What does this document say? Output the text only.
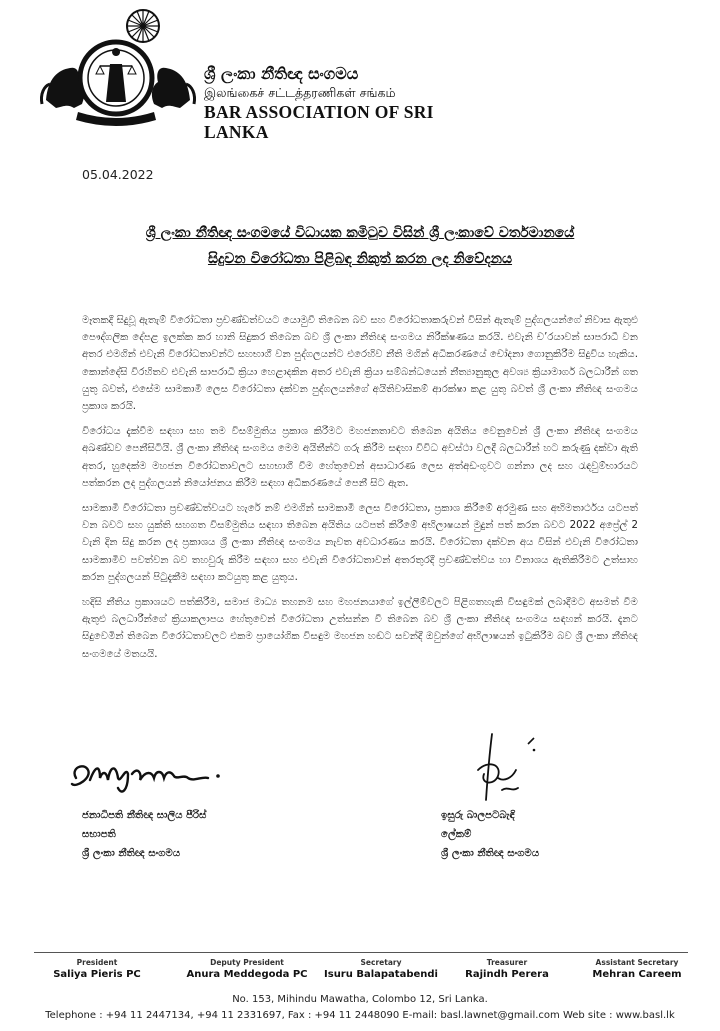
ශ්‍රී ලංකා නීතිඥ සංගමය
இலங்கைச் சட்டத்தரணிகள் சங்கம்
BAR ASSOCIATION OF SRI LANKA
05.04.2022
ශ්‍රී ලංකා නීතිඥ සංගමයේ විධායක කමිටුව විසින් ශ්‍රී ලංකාවේ වර්තමානයේ
සිදුවන විරෝධතා පිළිබඳ නිකුත් කරන ලද නිවේදනය

මෑතකදී සිදුවූ ඇතැම් විරෝධතා ප්‍රචණ්ඩත්වයට යොමුවී තිබෙන බව සහ විරෝධතාකරුවන් විසින් ඇතැම් පුද්ගලයන්ගේ නිවාස ඇතුළු පෞද්ගලික දේපළ ඉලක්ක කර හානි සිදුකර තිබෙන බව ශ්‍රී ලංකා නීතිඥ සංගමය නිරීක්ෂණය කරයි. එවැනි ච’රයාවන් සාපරාධී වන අතර එමගින් එවැනි විරෝධතාවන්ට සහභාගී වන පුද්ගලයන්ට එරෙහිව නීති මගින් අධිකරණයේ චෝදනා ගොනුකිරීම සිදුවිය හැකිය. කොන්දේසි විරහිතව එවැනි සාපරාධී ක්‍රියා හෙළාදකින අතර එවැනි ක්‍රියා සම්බන්ධයෙන් නීත්‍යානුකූල අවශ්‍ය ක්‍රියාමාර්ග බලධාරීන් ගත යුතු බවත්, එසේම සාමකාමී ලෙස විරෝධතා දක්වන පුද්ගලයන්ගේ අයිතිවාසිකම් ආරක්ෂා කළ යුතු බවත් ශ්‍රී ලංකා නීතිඥ සංගමය ප්‍රකාශ කරයි.

විරෝධය දැක්වීම සඳහා සහ තම විසම්මුතිය ප්‍රකාශ කිරීමට මහජනතාවට තිබෙන අයිතිය වෙනුවෙන් ශ්‍රී ලංකා නීතිඥ සංගමය අඛණ්ඩව පෙනීසිටියි. ශ්‍රී ලංකා නීතිඥ සංගමය මෙම අයිතීන්ට ගරු කිරීම සඳහා විවිධ අවස්ථා වලදී බලධාරීන් හට කරුණු දක්වා ඇති අතර, හුදෙක්ම මහජන විරෝධතාවලට සහභාගී වීම හේතුවෙන් අසාධාරණ ලෙස අත්අඩංගුවට ගන්නා ලද සහ රැඳවුම්භාරයට පත්කරන ලද පුද්ගලයන් නියෝජනය කිරීම සඳහා අධිකරණයේ පෙනී සිට ඇත.

සාමකාමී විරෝධතා ප්‍රචණ්ඩත්වයට හැරේ නම් එමගින් සාමකාමී ලෙස විරෝධතා, ප්‍රකාශ කිරීමේ අරමුණ සහ අභිමතාර්ථය යටපත් වන බවට සහ යුක්ති සහගත විසම්මුතිය සඳහා තිබෙන අයිතිය යටපත් කිරීමේ අභිලාෂයන් මුදුන් පත් කරන බවට 2022 අප්‍රේල් 2 වැනි දින සිදු කරන ලද ප්‍රකාශය ශ්‍රී ලංකා නීතිඥ සංගමය නැවත අවධාරණය කරයි. විරෝධතා දක්වන අය විසින් එවැනි විරෝධතා සාමකාමීව පවත්වන බව තහවුරු කිරීම සඳහා සහ එවැනි විරෝධතාවන් අතරතුරදී ප්‍රචණ්ඩත්වය හා විනාශය ඇතිකිරීමට උත්සාහ කරන පුද්ගලයන් පිටුදැකීම සඳහා කටයුතු කළ යුතුය.

හදිසි නීතිය ප්‍රකාශයට පත්කිරීම, සමාජ මාධ්‍ය තහනම සහ මහජනයාගේ ඉල්ලීම්වලට පිළිගතහැකි විසඳුමක් ලබාදීමට අසමත් වීම ඇතුළු බලධාරීන්ගේ ක්‍රියාකලාපය හේතුවෙන් විරෝධතා උත්සන්න වී තිබෙන බව ශ්‍රී ලංකා නීතිඥ සංගමය සඳහන් කරයි. දැනට සිදුවෙමින් තිබෙන විරෝධතාවලට එකම ප්‍රායෝගික විසඳුම මහජන හඬට සවන්දී ඔවුන්ගේ අභිලාෂයන් ඉටුකිරීම බව ශ්‍රී ලංකා නීතිඥ සංගමයේ මතයයි.

ජනාධිපති නීතිඥ සාලිය පීරිස්
සභාපති
ශ්‍රී ලංකා නීතිඥ සංගමය
ඉසුරු බාලපටබැඳි
ලේකම්
ශ්‍රී ලංකා නීතිඥ සංගමය
President
Saliya Pieris PC
Deputy President
Anura Meddegoda PC
Secretary
Isuru Balapatabendi
Treasurer
Rajindh Perera
Assistant Secretary
Mehran Careem
No. 153, Mihindu Mawatha, Colombo 12, Sri Lanka.
Telephone : +94 11 2447134, +94 11 2331697, Fax : +94 11 2448090 E-mail: basl.lawnet@gmail.com Web site : www.basl.lk
